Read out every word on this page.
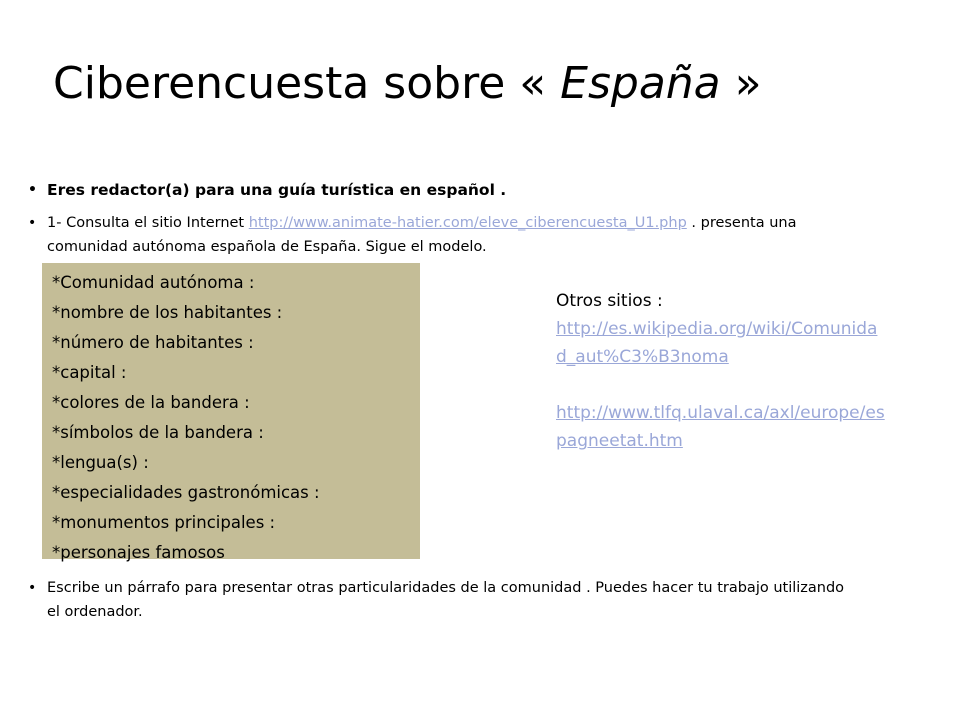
Ciberencuesta sobre « España »
• Eres redactor(a) para una guía turística en español .
• 1- Consulta el sitio Internet http://www.animate-hatier.com/eleve_ciberencuesta_U1.php . presenta una comunidad autónoma española de España. Sigue el modelo.
*Comunidad autónoma :
*nombre de los habitantes :
*número de habitantes :
*capital :
*colores de la bandera :
*símbolos de la bandera :
*lengua(s) :
*especialidades gastronómicas :
*monumentos principales :
*personajes famosos
Otros sitios :
http://es.wikipedia.org/wiki/Comunidad_aut%C3%B3noma
http://www.tlfq.ulaval.ca/axl/europe/espagneetat.htm
• Escribe un párrafo para presentar otras particularidades de la comunidad . Puedes hacer tu trabajo utilizando el ordenador.
